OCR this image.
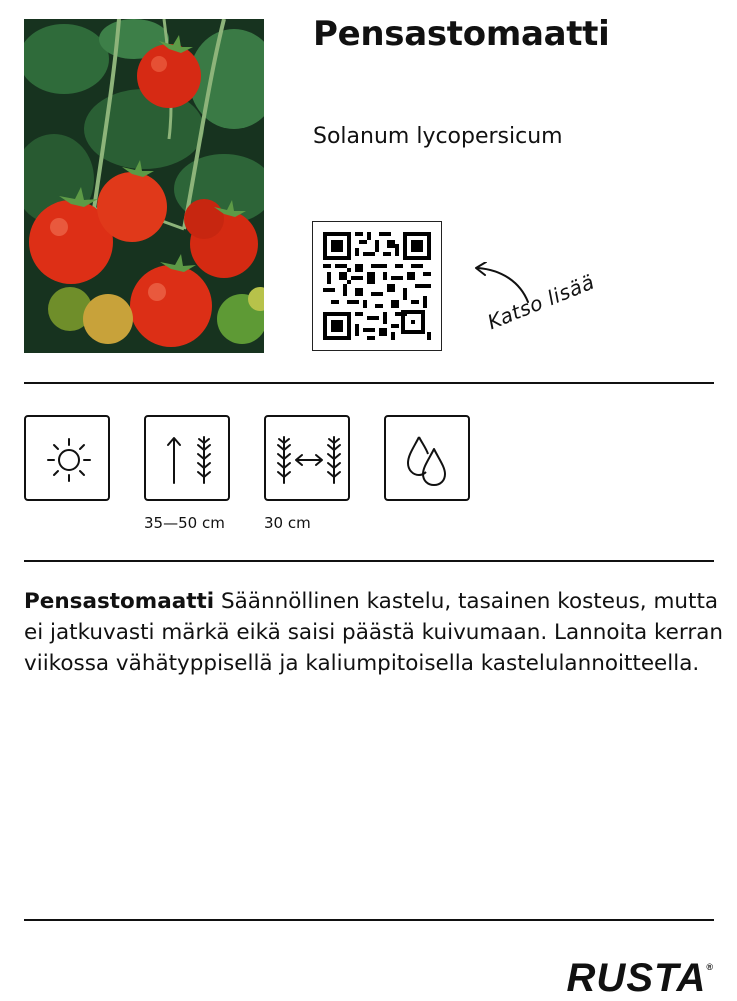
Pensastomaatti
Solanum lycopersicum
Katso lisää
35—50 cm	30 cm

Pensastomaatti Säännöllinen kastelu, tasainen kosteus, mutta ei jatkuvasti märkä eikä saisi päästä kuivumaan. Lannoita kerran viikossa vähätyppisellä ja kaliumpitoisella kastelulannoitteella.

RUSTA®
